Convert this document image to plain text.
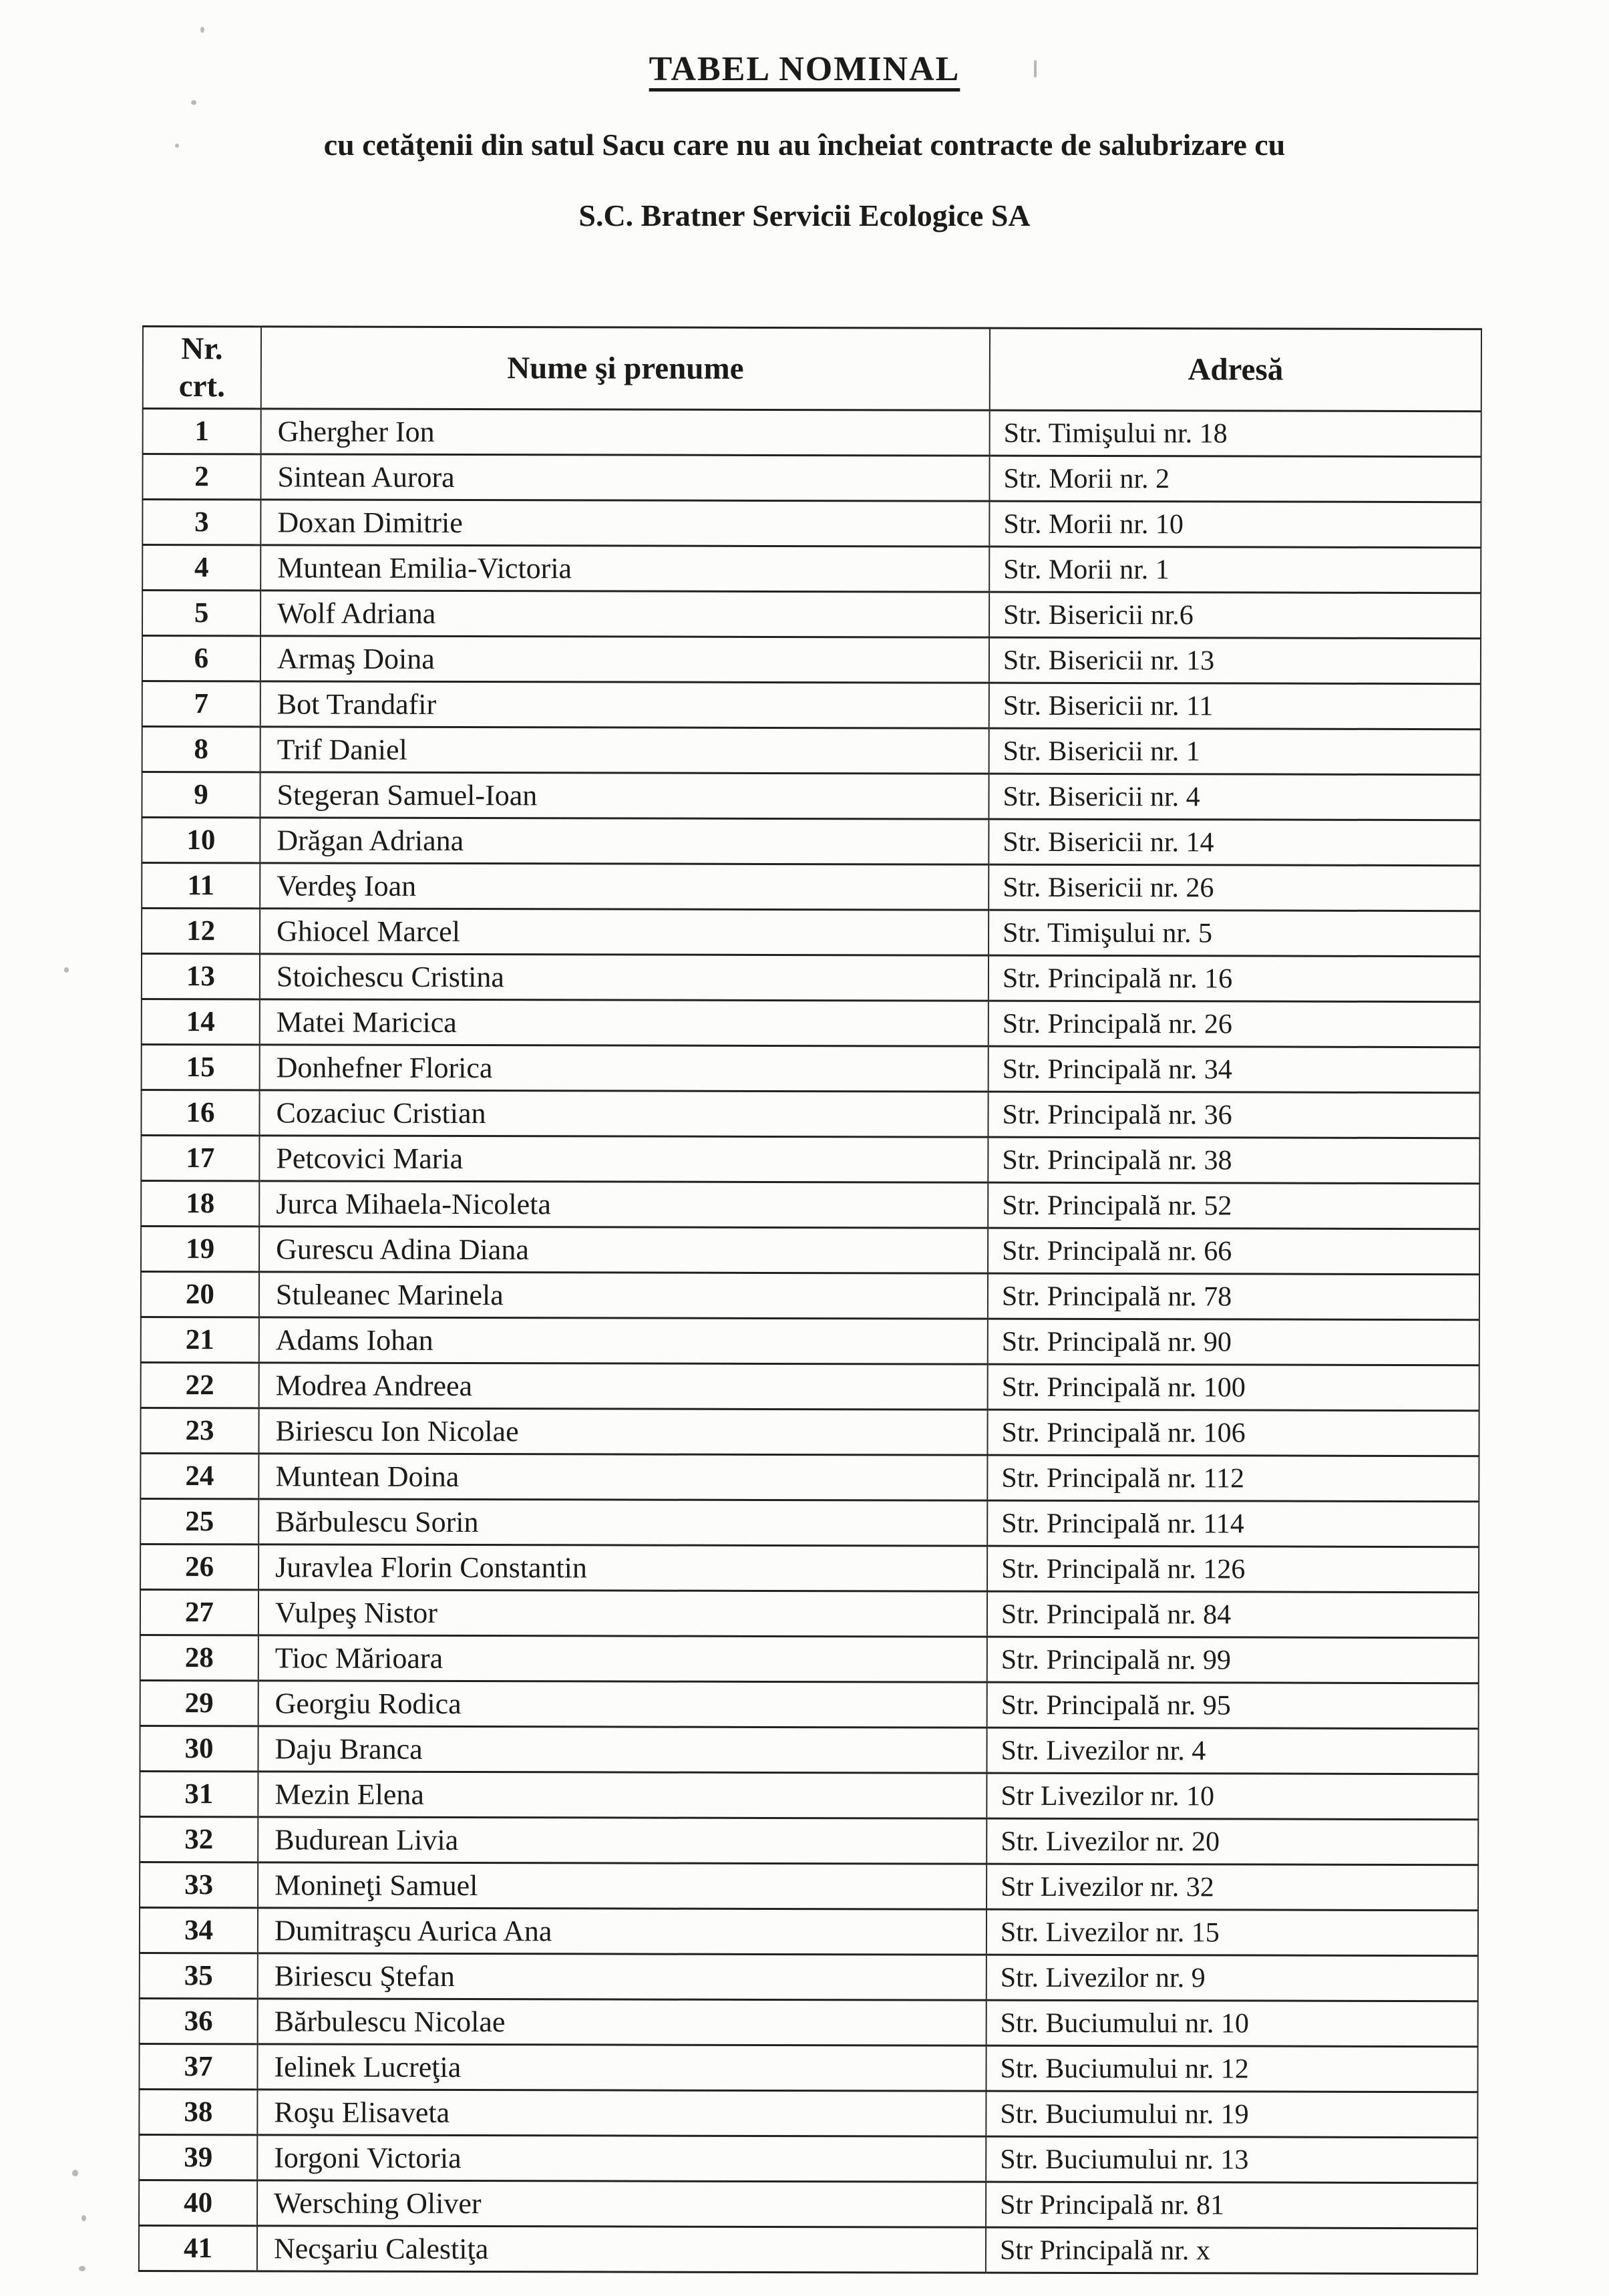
TABEL NOMINAL
cu cetăţenii din satul Sacu care nu au încheiat contracte de salubrizare cu
S.C. Bratner Servicii Ecologice SA
Nr.
crt.	Nume şi prenume	Adresă
1	Ghergher Ion	Str. Timişului nr. 18
2	Sintean Aurora	Str. Morii nr. 2
3	Doxan Dimitrie	Str. Morii nr. 10
4	Muntean Emilia-Victoria	Str. Morii nr. 1
5	Wolf Adriana	Str. Bisericii nr.6
6	Armaş Doina	Str. Bisericii nr. 13
7	Bot Trandafir	Str. Bisericii nr. 11
8	Trif Daniel	Str. Bisericii nr. 1
9	Stegeran Samuel-Ioan	Str. Bisericii nr. 4
10	Drăgan Adriana	Str. Bisericii nr. 14
11	Verdeş Ioan	Str. Bisericii nr. 26
12	Ghiocel Marcel	Str. Timişului nr. 5
13	Stoichescu Cristina	Str. Principală nr. 16
14	Matei Maricica	Str. Principală nr. 26
15	Donhefner Florica	Str. Principală nr. 34
16	Cozaciuc Cristian	Str. Principală nr. 36
17	Petcovici Maria	Str. Principală nr. 38
18	Jurca Mihaela-Nicoleta	Str. Principală nr. 52
19	Gurescu Adina Diana	Str. Principală nr. 66
20	Stuleanec Marinela	Str. Principală nr. 78
21	Adams Iohan	Str. Principală nr. 90
22	Modrea Andreea	Str. Principală nr. 100
23	Biriescu Ion Nicolae	Str. Principală nr. 106
24	Muntean Doina	Str. Principală nr. 112
25	Bărbulescu Sorin	Str. Principală nr. 114
26	Juravlea Florin Constantin	Str. Principală nr. 126
27	Vulpeş Nistor	Str. Principală nr. 84
28	Tioc Mărioara	Str. Principală nr. 99
29	Georgiu Rodica	Str. Principală nr. 95
30	Daju Branca	Str. Livezilor nr. 4
31	Mezin Elena	Str Livezilor nr. 10
32	Budurean Livia	Str. Livezilor nr. 20
33	Monineţi Samuel	Str Livezilor nr. 32
34	Dumitraşcu Aurica Ana	Str. Livezilor nr. 15
35	Biriescu Ştefan	Str. Livezilor nr. 9
36	Bărbulescu Nicolae	Str. Buciumului nr. 10
37	Ielinek Lucreţia	Str. Buciumului nr. 12
38	Roşu Elisaveta	Str. Buciumului nr. 19
39	Iorgoni Victoria	Str. Buciumului nr. 13
40	Wersching Oliver	Str Principală nr. 81
41	Necşariu Calestiţa	Str Principală nr. x
